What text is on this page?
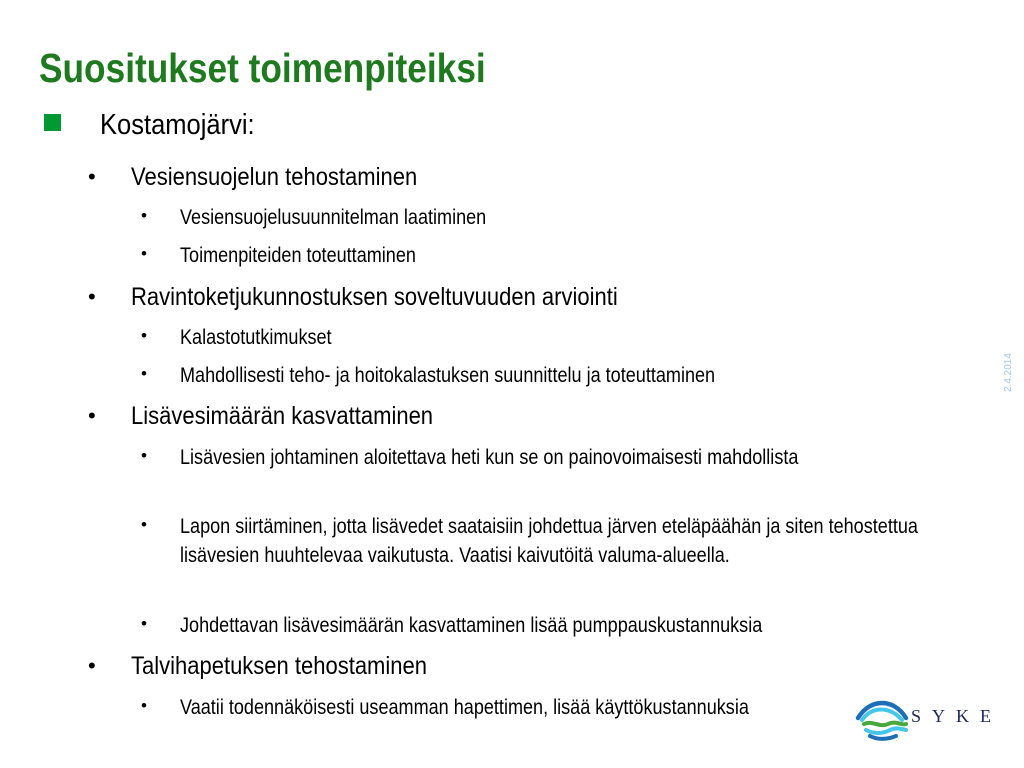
Suositukset toimenpiteiksi
Kostamojärvi:
• Vesiensuojelun tehostaminen
• Vesiensuojelusuunnitelman laatiminen
• Toimenpiteiden toteuttaminen
• Ravintoketjukunnostuksen soveltuvuuden arviointi
• Kalastotutkimukset
• Mahdollisesti teho- ja hoitokalastuksen suunnittelu ja toteuttaminen
• Lisävesimäärän kasvattaminen
• Lisävesien johtaminen aloitettava heti kun se on painovoimaisesti mahdollista
• Lapon siirtäminen, jotta lisävedet saataisiin johdettua järven eteläpäähän ja siten tehostettua lisävesien huuhtelevaa vaikutusta. Vaatisi kaivutöitä valuma-alueella.
• Johdettavan lisävesimäärän kasvattaminen lisää pumppauskustannuksia
• Talvihapetuksen tehostaminen
• Vaatii todennäköisesti useamman hapettimen, lisää käyttökustannuksia
2.4.2014
SYKE
